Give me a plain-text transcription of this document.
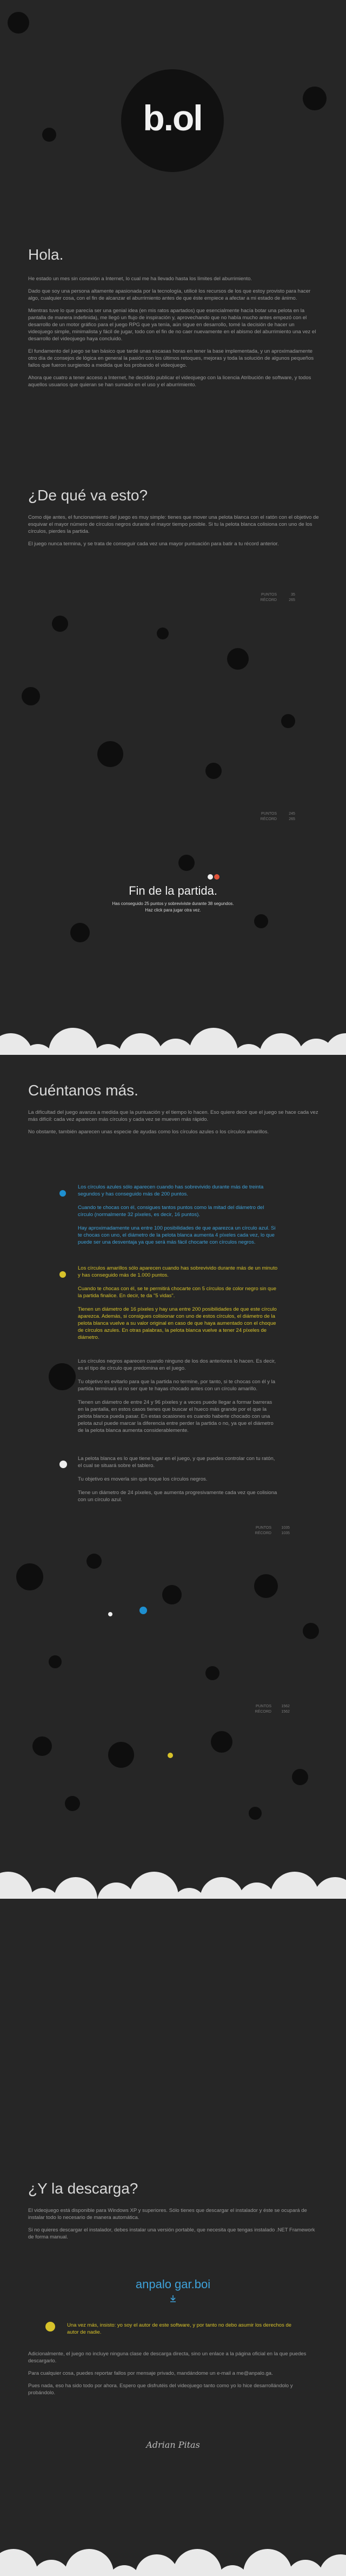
b.ol
Hola.

He estado un mes sin conexión a Internet, lo cual me ha llevado hasta los límites del aburrimiento.

Dado que soy una persona altamente apasionada por la tecnología, utilicé los recursos de los que estoy provisto para hacer algo, cualquier cosa, con el fin de alcanzar el aburrimiento antes de que éste empiece a afectar a mi estado de ánimo.

Mientras tuve lo que parecía ser una genial idea (en mis ratos apartados) que esencialmente hacía botar una pelota en la pantalla de manera indefinida), me llegó un flujo de inspiración y, aprovechando que no había mucho antes empezó con el desarrollo de un motor gráfico para el juego RPG que ya tenía, aún sigue en desarrollo, tomé la decisión de hacer un videojuego simple, minimalista y fácil de jugar, todo con el fin de no caer nuevamente en el abismo del aburrimiento una vez el desarrollo del videojuego haya concluido.

El fundamento del juego se tan básico que tardé unas escasas horas en tener la base implementada, y un aproximadamente otro día de consejos de lógica en general la pasión con los últimos retoques, mejoras y toda la solución de algunos pequeños fallos que fueron surgiendo a medida que los probando el videojuego.

Ahora que cuatro a tener acceso a Internet, he decidido publicar el videojuego con la licencia Atribución de software, y todos aquellos usuarios que quieran se han sumado en el uso y el aburrimiento.

¿De qué va esto?

Como dije antes, el funcionamiento del juego es muy simple: tienes que mover una pelota blanca con el ratón con el objetivo de esquivar el mayor número de círculos negros durante el mayor tiempo posible. Si tu la pelota blanca colisiona con uno de los círculos, pierdes la partida.

El juego nunca termina, y se trata de conseguir cada vez una mayor puntuación para batir a tu récord anterior.

PUNTOS	35
RÉCORD	265
PUNTOS	245
RÉCORD	265
Fin de la partida.
Has conseguido 25 puntos y sobreviviste durante 38 segundos.
Haz click para jugar otra vez.
Cuéntanos más.

La dificultad del juego avanza a medida que la puntuación y el tiempo lo hacen. Eso quiere decir que el juego se hace cada vez más difícil: cada vez aparecen más círculos y cada vez se mueven más rápido.

No obstante, también aparecen unas especie de ayudas como los círculos azules o los círculos amarillos.

Los círculos azules sólo aparecen cuando has sobrevivido durante más de treinta segundos y has conseguido más de 200 puntos.

Cuando te chocas con él, consigues tantos puntos como la mitad del diámetro del círculo (normalmente 32 píxeles, es decir, 16 puntos).

Hay aproximadamente una entre 100 posibilidades de que aparezca un círculo azul. Si te chocas con uno, el diámetro de la pelota blanca aumenta 4 píxeles cada vez, lo que puede ser una desventaja ya que será más fácil chocarte con círculos negros.

Los círculos amarillos sólo aparecen cuando has sobrevivido durante más de un minuto y has conseguido más de 1.000 puntos.

Cuando te chocas con él, se te permitirá chocarte con 5 círculos de color negro sin que la partida finalice. En decir, te da "5 vidas".

Tienen un diámetro de 16 píxeles y hay una entre 200 posibilidades de que este círculo aparezca. Además, si consigues colisionar con uno de estos círculos, el diámetro de la pelota blanca vuelve a su valor original en caso de que haya aumentado con el choque de círculos azules. En otras palabras, la pelota blanca vuelve a tener 24 píxeles de diámetro.

Los círculos negros aparecen cuando ninguno de los dos anteriores lo hacen. Es decir, es el tipo de círculo que predomina en el juego.

Tu objetivo es evitarlo para que la partida no termine, por tanto, si te chocas con él y la partida terminará si no ser que te hayas chocado antes con un círculo amarillo.

Tienen un diámetro de entre 24 y 96 píxeles y a veces puede llegar a formar barreras en la pantalla, en estos casos tienes que buscar el hueco más grande por el que la pelota blanca pueda pasar. En estas ocasiones es cuando haberte chocado con una pelota azul puede marcar la diferencia entre perder la partida o no, ya que el diámetro de la pelota blanca aumenta considerablemente.

La pelota blanca es lo que tiene lugar en el juego, y que puedes controlar con tu ratón, el cual se situará sobre el tablero.

Tu objetivo es moverla sin que toque los círculos negros.

Tiene un diámetro de 24 píxeles, que aumenta progresivamente cada vez que colisiona con un círculo azul.

PUNTOS	1035
RÉCORD	1035
PUNTOS	1562
RÉCORD	1562
¿Y la descarga?

El videojuego está disponible para Windows XP y superiores. Sólo tienes que descargar el instalador y éste se ocupará de instalar todo lo necesario de manera automática.

Si no quieres descargar el instalador, debes instalar una versión portable, que necesita que tengas instalado .NET Framework de forma manual.

anpalo gar.boi

Una vez más, insisto: yo soy el autor de este software, y por tanto no debo asumir los derechos de autor de nadie.

Adicionalmente, el juego no incluye ninguna clase de descarga directa, sino un enlace a la página oficial en la que puedes descargarlo.

Para cualquier cosa, puedes reportar fallos por mensaje privado, mandándome un e-mail a me@anpalo.ga.

Pues nada, eso ha sido todo por ahora. Espero que disfrutéis del videojuego tanto como yo lo hice desarrollándolo y probándolo.

Adrian Pitas
